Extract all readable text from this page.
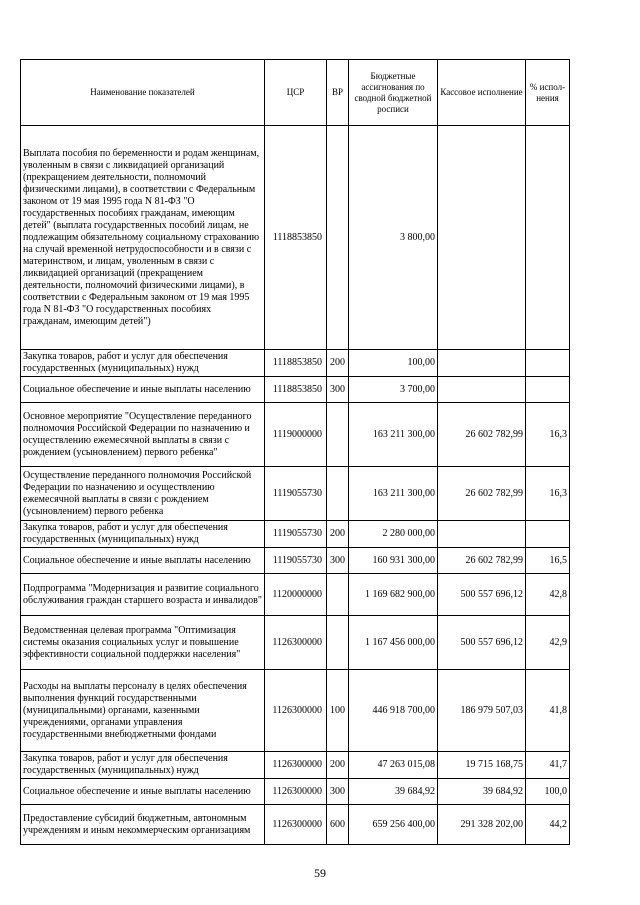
Наименование показателей	ЦСР	ВР	Бюджетные ассигнования по сводной бюджетной росписи	Кассовое исполнение	% испол-нения
Выплата пособия по беременности и родам женщинам, уволенным в связи с ликвидацией организаций (прекращением деятельности, полномочий физическими лицами), в соответствии с Федеральным законом от 19 мая 1995 года N 81-ФЗ "О государственных пособиях гражданам, имеющим детей" (выплата государственных пособий лицам, не подлежащим обязательному социальному страхованию на случай временной нетрудоспособности и в связи с материнством, и лицам, уволенным в связи с ликвидацией организаций (прекращением деятельности, полномочий физическими лицами), в соответствии с Федеральным законом от 19 мая 1995 года N 81-ФЗ "О государственных пособиях гражданам, имеющим детей")	1118853850		3 800,00		
Закупка товаров, работ и услуг для обеспечения государственных (муниципальных) нужд	1118853850	200	100,00		
Социальное обеспечение и иные выплаты населению	1118853850	300	3 700,00		
Основное мероприятие "Осуществление переданного полномочия Российской Федерации по назначению и осуществлению ежемесячной выплаты в связи с рождением (усыновлением) первого ребенка"	1119000000		163 211 300,00	26 602 782,99	16,3
Осуществление переданного полномочия Российской Федерации по назначению и осуществлению ежемесячной выплаты в связи с рождением (усыновлением) первого ребенка	1119055730		163 211 300,00	26 602 782,99	16,3
Закупка товаров, работ и услуг для обеспечения государственных (муниципальных) нужд	1119055730	200	2 280 000,00		
Социальное обеспечение и иные выплаты населению	1119055730	300	160 931 300,00	26 602 782,99	16,5
Подпрограмма "Модернизация и развитие социального обслуживания граждан старшего возраста и инвалидов"	1120000000		1 169 682 900,00	500 557 696,12	42,8
Ведомственная целевая программа "Оптимизация системы оказания социальных услуг и повышение эффективности социальной поддержки населения"	1126300000		1 167 456 000,00	500 557 696,12	42,9
Расходы на выплаты персоналу в целях обеспечения выполнения функций государственными (муниципальными) органами, казенными учреждениями, органами управления государственными внебюджетными фондами	1126300000	100	446 918 700,00	186 979 507,03	41,8
Закупка товаров, работ и услуг для обеспечения государственных (муниципальных) нужд	1126300000	200	47 263 015,08	19 715 168,75	41,7
Социальное обеспечение и иные выплаты населению	1126300000	300	39 684,92	39 684,92	100,0
Предоставление субсидий бюджетным, автономным учреждениям и иным некоммерческим организациям	1126300000	600	659 256 400,00	291 328 202,00	44,2
59
